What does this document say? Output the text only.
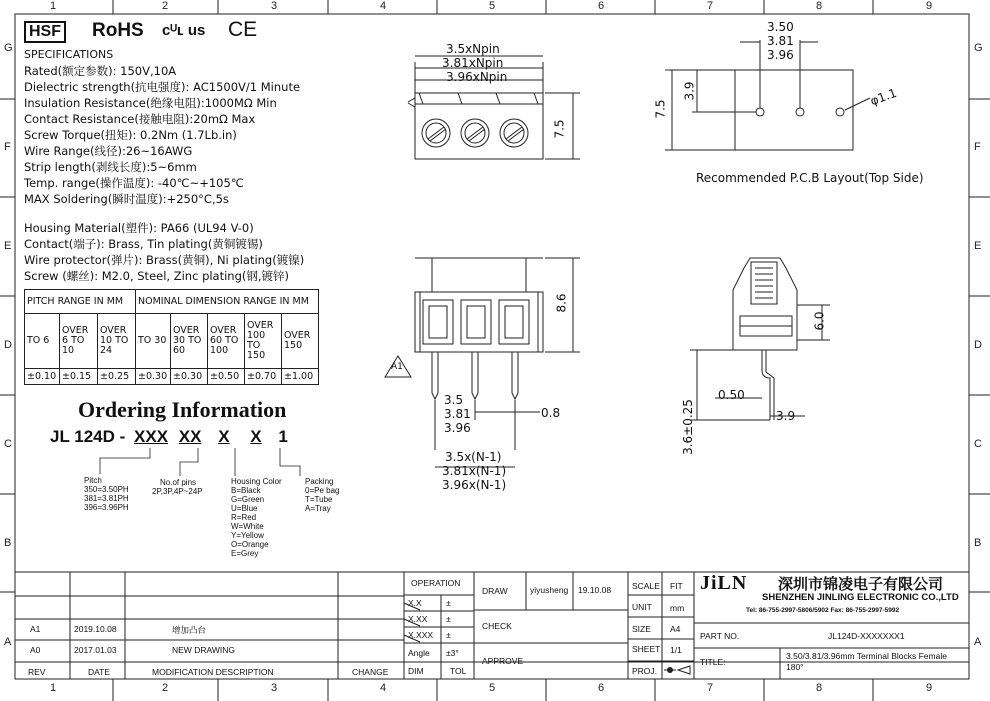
1	2	3	4	5	6	7	8	9
1	2	3	4	5	6	7	8	9
G
F
E
D
C
B
A
G
F
E
D
C
B
A
HSF RoHS cᵁʟ us CE
SPECIFICATIONS
Rated(额定参数): 150V,10A
Dielectric strength(抗电强度): AC1500V/1 Minute
Insulation Resistance(绝缘电阻):1000MΩ Min
Contact Resistance(接触电阻):20mΩ Max
Screw Torque(扭矩): 0.2Nm (1.7Lb.in)
Wire Range(线径):26~16AWG
Strip length(剥线长度):5~6mm
Temp. range(操作温度): -40℃~+105℃
MAX Soldering(瞬时温度):+250°C,5s
Housing Material(塑件): PA66 (UL94 V-0)
Contact(端子): Brass, Tin plating(黄铜镀锡)
Wire protector(弹片): Brass(黄铜), Ni plating(镀镍)
Screw (螺丝): M2.0, Steel, Zinc plating(钢,镀锌)
PITCH RANGE IN MM			NOMINAL DIMENSION RANGE IN MM				
TO 6	OVER 6 TO 10	OVER 10 TO 24	TO 30	OVER 30 TO 60	OVER 60 TO 100	OVER 100 TO 150	OVER 150
±0.10	±0.15	±0.25	±0.30	±0.30	±0.50	±0.70	±1.00
Ordering Information
JL 124D - XXX XX X X 1
Pitch
350=3.50PH
381=3.81PH
396=3.96PH
No.of pins
2P,3P,4P~24P
Housing Color
B=Black
G=Green
U=Blue
R=Red
W=White
Y=Yellow
O=Orange
E=Grey
Packing
0=Pe bag
T=Tube
A=Tray
3.5xNpin
3.81xNpin
3.96xNpin
7.5
8.6
3.5
3.81
3.96
0.8
3.5x(N-1)
3.81x(N-1)
3.96x(N-1)
A1
3.50
3.81
3.96
7.5
3.9	φ1.1
Recommended P.C.B Layout(Top Side)
6.0
0.50
3.6±0.25	3.9
A1	2019.10.08	增加凸台
A0	2017.01.03	NEW DRAWING
REV	DATE	MODIFICATION DESCRIPTION	CHANGE
OPERATION
X.X	±
X.XX ±
X.XXX ±
Angle ±3°
DIM	TOL
DRAW	yiyusheng 19.10.08
CHECK
APPROVE
SCALE FIT
UNIT mm
SIZE A4
SHEET 1/1
PROJ.
JiLN 深圳市锦凌电子有限公司
SHENZHEN JINLING ELECTRONIC CO.,LTD
Tel: 86-755-2997-5806/5902 Fax: 86-755-2997-5992
PART NO.	JL124D-XXXXXXX1
TITLE:
3.50/3.81/3.96mm Terminal Blocks Female 180°
